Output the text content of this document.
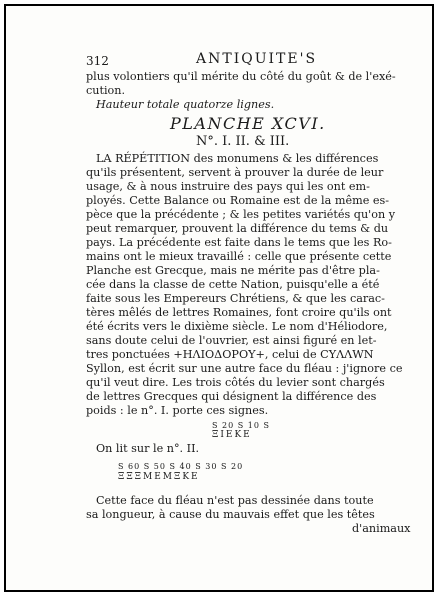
312	ANTIQUITE'S
plus volontiers qu'il mérite du côté du goût & de l'exé-
cution.
Hauteur totale quatorze lignes.
PLANCHE XCVI.
N°. I. II. & III.
LA RÉPÉTITION des monumens & les différences
qu'ils présentent, servent à prouver la durée de leur
usage, & à nous instruire des pays qui les ont em-
ployés. Cette Balance ou Romaine est de la même es-
pèce que la précédente ; & les petites variétés qu'on y
peut remarquer, prouvent la différence du tems & du
pays. La précédente est faite dans le tems que les Ro-
mains ont le mieux travaillé : celle que présente cette
Planche est Grecque, mais ne mérite pas d'être pla-
cée dans la classe de cette Nation, puisqu'elle a été
faite sous les Empereurs Chrétiens, & que les carac-
tères mêlés de lettres Romaines, font croire qu'ils ont
été écrits vers le dixième siècle. Le nom d'Héliodore,
sans doute celui de l'ouvrier, est ainsi figuré en let-
tres ponctuées +HΛΙΟΔΟΡΟΥ+, celui de CΥΛΛWΝ
Syllon, est écrit sur une autre face du fléau : j'ignore ce
qu'il veut dire. Les trois côtés du levier sont chargés
de lettres Grecques qui désignent la différence des
poids : le n°. I. porte ces signes.
S 20 S 10 S
ΞΙΕΚΕ
On lit sur le n°. II.
S 60 S 50 S 40 S 30 S 20
ΞΞΞΜΕΜΞΚΕ
Cette face du fléau n'est pas dessinée dans toute
sa longueur, à cause du mauvais effet que les têtes
d'animaux
